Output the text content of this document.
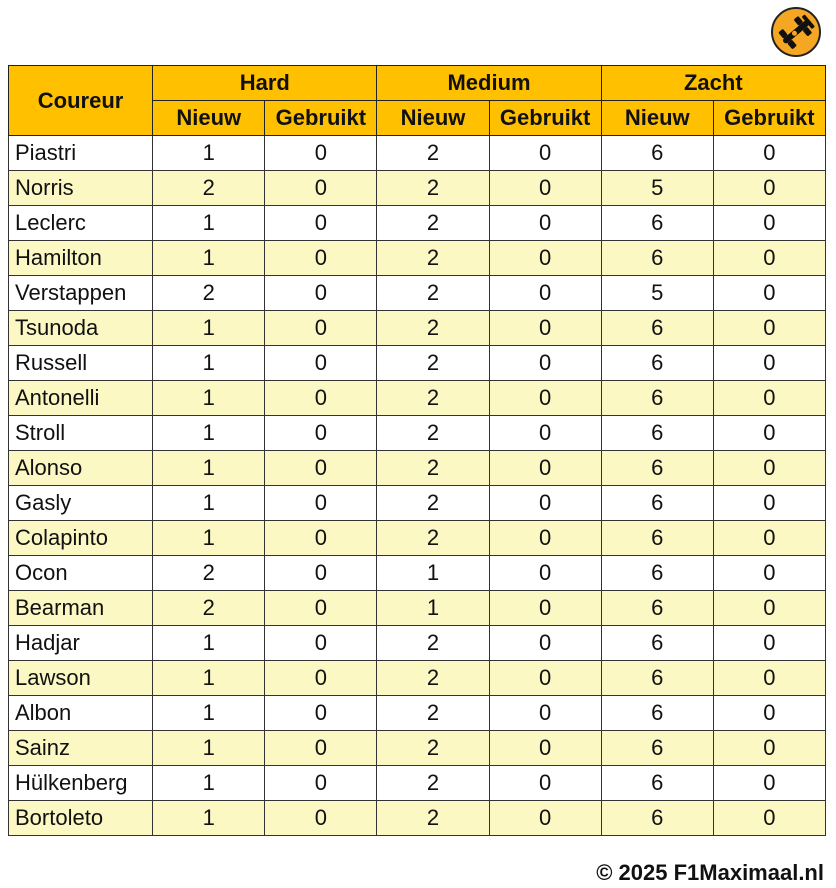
Coureur	Hard		Medium		Zacht	
	Nieuw	Gebruikt	Nieuw	Gebruikt	Nieuw	Gebruikt
Piastri	1	0	2	0	6	0
Norris	2	0	2	0	5	0
Leclerc	1	0	2	0	6	0
Hamilton	1	0	2	0	6	0
Verstappen	2	0	2	0	5	0
Tsunoda	1	0	2	0	6	0
Russell	1	0	2	0	6	0
Antonelli	1	0	2	0	6	0
Stroll	1	0	2	0	6	0
Alonso	1	0	2	0	6	0
Gasly	1	0	2	0	6	0
Colapinto	1	0	2	0	6	0
Ocon	2	0	1	0	6	0
Bearman	2	0	1	0	6	0
Hadjar	1	0	2	0	6	0
Lawson	1	0	2	0	6	0
Albon	1	0	2	0	6	0
Sainz	1	0	2	0	6	0
Hülkenberg	1	0	2	0	6	0
Bortoleto	1	0	2	0	6	0
© 2025 F1Maximaal.nl
